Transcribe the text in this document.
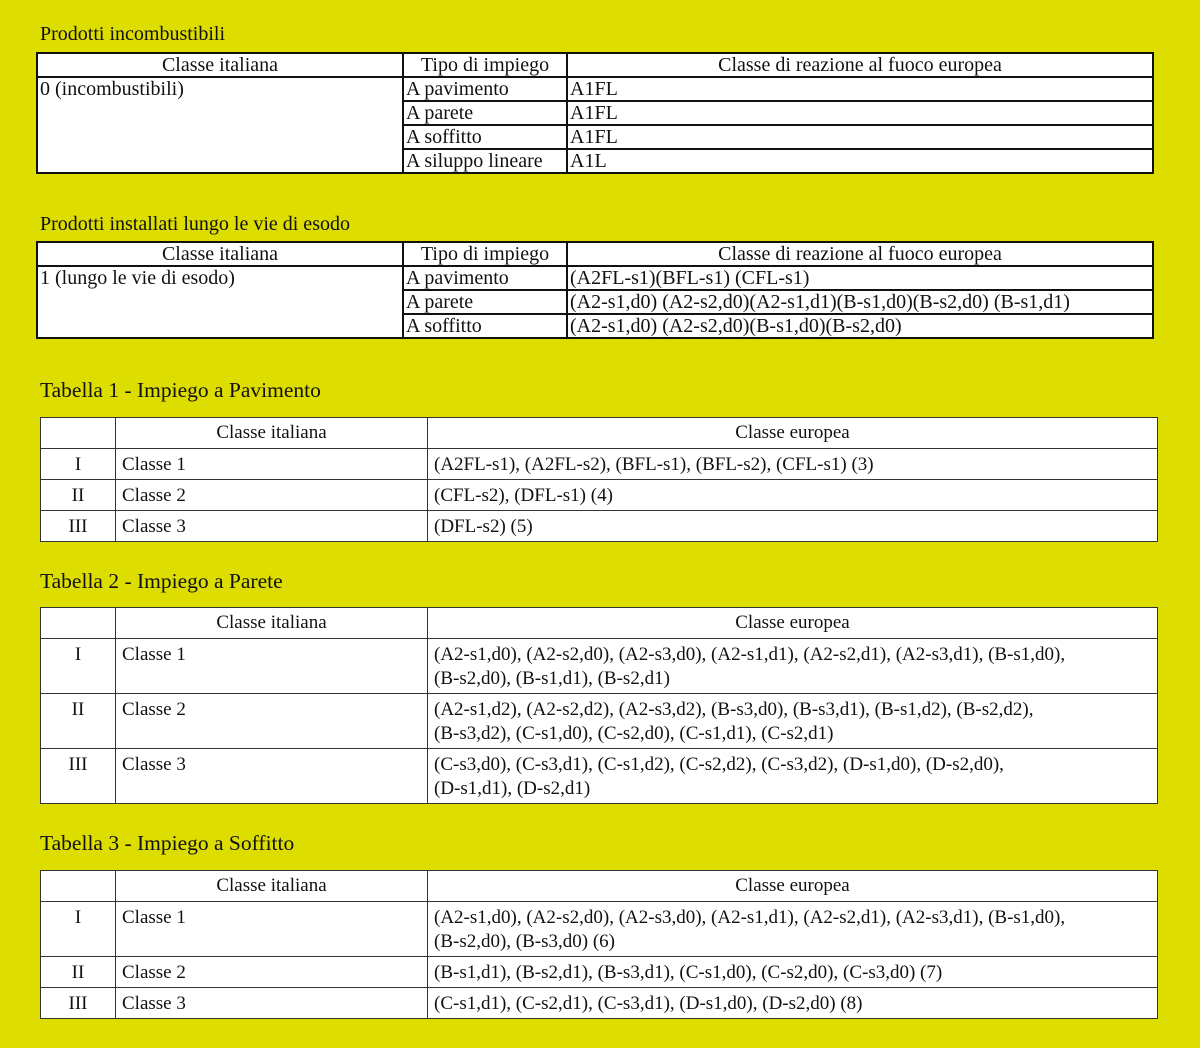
Prodotti incombustibili
Classe italiana	Tipo di impiego	Classe di reazione al fuoco europea
0 (incombustibili)	A pavimento	A1FL
	A parete	A1FL
	A soffitto	A1FL
	A siluppo lineare	A1L
Prodotti installati lungo le vie di esodo
Classe italiana	Tipo di impiego	Classe di reazione al fuoco europea
1 (lungo le vie di esodo)	A pavimento	(A2FL-s1)(BFL-s1) (CFL-s1)
	A parete	(A2-s1,d0) (A2-s2,d0)(A2-s1,d1)(B-s1,d0)(B-s2,d0) (B-s1,d1)
	A soffitto	(A2-s1,d0) (A2-s2,d0)(B-s1,d0)(B-s2,d0)
Tabella 1 - Impiego a Pavimento
	Classe italiana	Classe europea
I	Classe 1	(A2FL-s1), (A2FL-s2), (BFL-s1), (BFL-s2), (CFL-s1) (3)
II	Classe 2	(CFL-s2), (DFL-s1) (4)
III	Classe 3	(DFL-s2) (5)
Tabella 2 - Impiego a Parete
	Classe italiana	Classe europea
I	Classe 1	(A2-s1,d0), (A2-s2,d0), (A2-s3,d0), (A2-s1,d1), (A2-s2,d1), (A2-s3,d1), (B-s1,d0),
(B-s2,d0), (B-s1,d1), (B-s2,d1)
II	Classe 2	(A2-s1,d2), (A2-s2,d2), (A2-s3,d2), (B-s3,d0), (B-s3,d1), (B-s1,d2), (B-s2,d2),
(B-s3,d2), (C-s1,d0), (C-s2,d0), (C-s1,d1), (C-s2,d1)
III	Classe 3	(C-s3,d0), (C-s3,d1), (C-s1,d2), (C-s2,d2), (C-s3,d2), (D-s1,d0), (D-s2,d0),
(D-s1,d1), (D-s2,d1)
Tabella 3 - Impiego a Soffitto
	Classe italiana	Classe europea
I	Classe 1	(A2-s1,d0), (A2-s2,d0), (A2-s3,d0), (A2-s1,d1), (A2-s2,d1), (A2-s3,d1), (B-s1,d0),
(B-s2,d0), (B-s3,d0) (6)
II	Classe 2	(B-s1,d1), (B-s2,d1), (B-s3,d1), (C-s1,d0), (C-s2,d0), (C-s3,d0) (7)
III	Classe 3	(C-s1,d1), (C-s2,d1), (C-s3,d1), (D-s1,d0), (D-s2,d0) (8)
